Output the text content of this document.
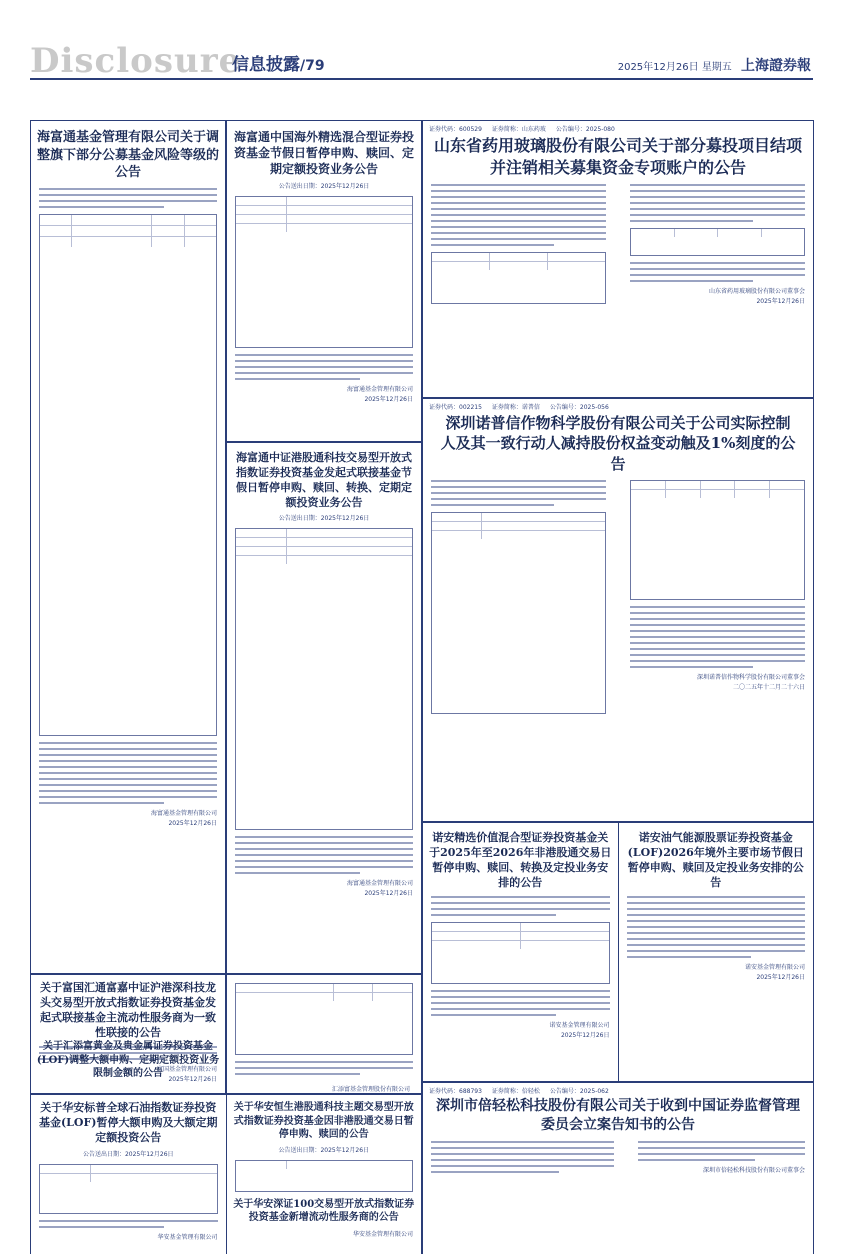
Disclosure
信息披露/79	2025年12月26日 星期五 上海證券報
海富通基金管理有限公司关于调整旗下部分公募基金风险等级的公告
海富通基金管理有限公司
2025年12月26日
海富通中国海外精选混合型证券投资基金节假日暂停申购、赎回、定期定额投资业务公告
公告送出日期：2025年12月26日
海富通基金管理有限公司
2025年12月26日
海富通中证港股通科技交易型开放式指数证券投资基金发起式联接基金节假日暂停申购、赎回、转换、定期定额投资业务公告
公告送出日期：2025年12月26日
海富通基金管理有限公司
2025年12月26日
证券代码：600529 证券简称：山东药玻 公告编号：2025-080
山东省药用玻璃股份有限公司关于部分募投项目结项并注销相关募集资金专项账户的公告
山东省药用玻璃股份有限公司董事会
2025年12月26日
证券代码：002215 证券简称：诺普信 公告编号：2025-056
深圳诺普信作物科学股份有限公司关于公司实际控制人及其一致行动人减持股份权益变动触及1%刻度的公告
深圳诺普信作物科学股份有限公司董事会
二〇二五年十二月二十六日
关于富国汇通富嘉中证沪港深科技龙头交易型开放式指数证券投资基金发起式联接基金主流动性服务商为一致性联接的公告
富国基金管理有限公司
2025年12月26日
关于华安标普全球石油指数证券投资基金(LOF)暂停大额申购及大额定期定额投资公告
公告送出日期：2025年12月26日
华安基金管理有限公司
关于华安恒生港股通科技主题交易型开放式指数证券投资基金因非港股通交易日暂停申购、赎回的公告
公告送出日期：2025年12月26日
关于华安深证100交易型开放式指数证券投资基金新增流动性服务商的公告
华安基金管理有限公司
关于汇添富黄金及贵金属证券投资基金(LOF)调整大额申购、定期定额投资业务限制金额的公告
汇添富基金管理股份有限公司
诺安精选价值混合型证券投资基金关于2025年至2026年非港股通交易日暂停申购、赎回、转换及定投业务安排的公告
诺安基金管理有限公司
2025年12月26日
诺安油气能源股票证券投资基金(LOF)2026年境外主要市场节假日暂停申购、赎回及定投业务安排的公告
诺安基金管理有限公司
2025年12月26日
证券代码：688793 证券简称：倍轻松 公告编号：2025-062
深圳市倍轻松科技股份有限公司关于收到中国证券监督管理委员会立案告知书的公告
深圳市倍轻松科技股份有限公司董事会
